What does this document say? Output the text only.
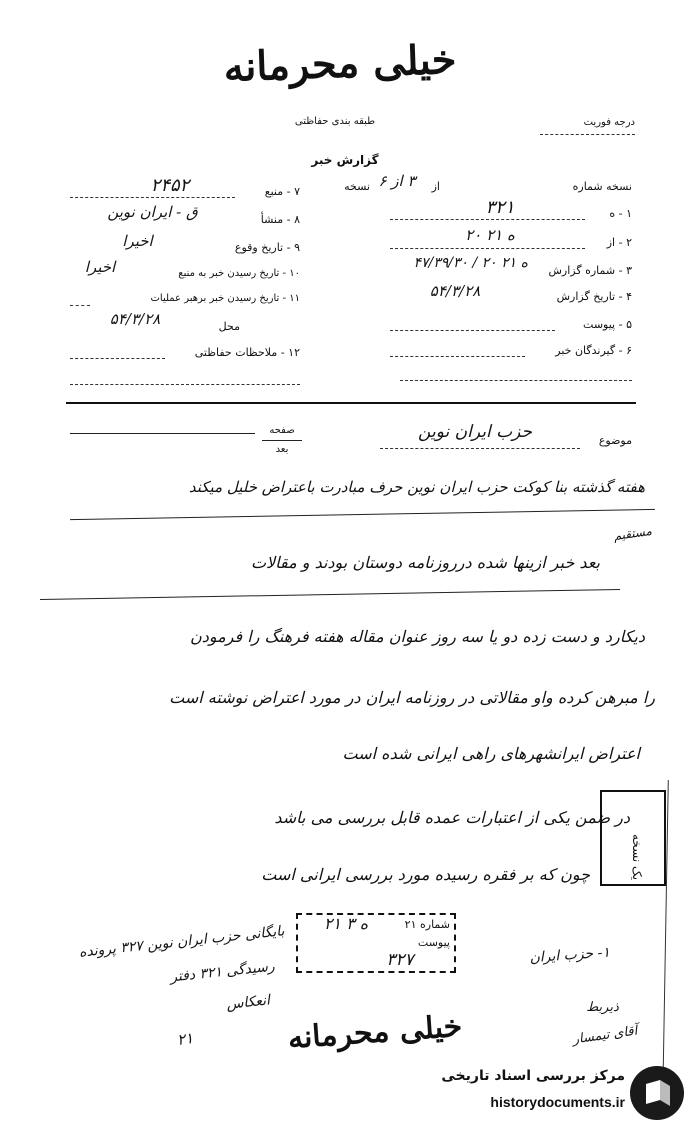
خیلی محرمانه
طبقه بندی حفاظتی	درجه فوریت
گزارش خبر
نسخه شماره
از
نسخه ۳ از ۶
۱ - ه
۳۲۱
۲ - از
۲۰ ه ۲۱
۳ - شماره گزارش
۴۷/۳۹/۳۰ / ۲۰ ه ۲۱
۴ - تاریخ گزارش
۵۴/۳/۲۸
۵ - پیوست
۶ - گیرندگان خبر
۷ - منبع
۲۴۵۲
۸ - منشأ
ق - ایران نوین
۹ - تاریخ وقوع
اخیرا
۱۰ - تاریخ رسیدن خبر به منبع
اخیرا
۱۱ - تاریخ رسیدن خبر برهبر عملیات
محل
۵۴/۳/۲۸
۱۲ - ملاحظات حفاظتی
موضوع
حزب ایران نوین
صفحه
بعد
هفته گذشته بنا کوکت حزب ایران نوین حرف مبادرت باعتراض خلیل میکند
مستقیم
بعد خبر ازینها شده درروزنامه دوستان بودند و مقالات
دیکارد و دست زده دو یا سه روز عنوان مقاله هفته فرهنگ را فرمودن
را مبرهن کرده واو مقالاتی در روزنامه ایران در مورد اعتراض نوشته است
اعتراض ایرانشهرهای راهی ایرانی شده است
در ضمن یکی از اعتبارات عمده قابل بررسی می باشد
چون که بر فقره رسیده مورد بررسی ایرانی است	یک نسخه
شماره ۲۱
پیوست
۲۱ ه ۳
۳۲۷
بایگانی حزب ایران نوین ۳۲۷ پرونده
رسیدگی ۳۲۱ دفتر
انعکاس
۲۱
۱- حزب ایران
ذیربط
آقای تیمسار
خیلی محرمانه
مرکز بررسی اسناد تاریخی
historydocuments.ir
